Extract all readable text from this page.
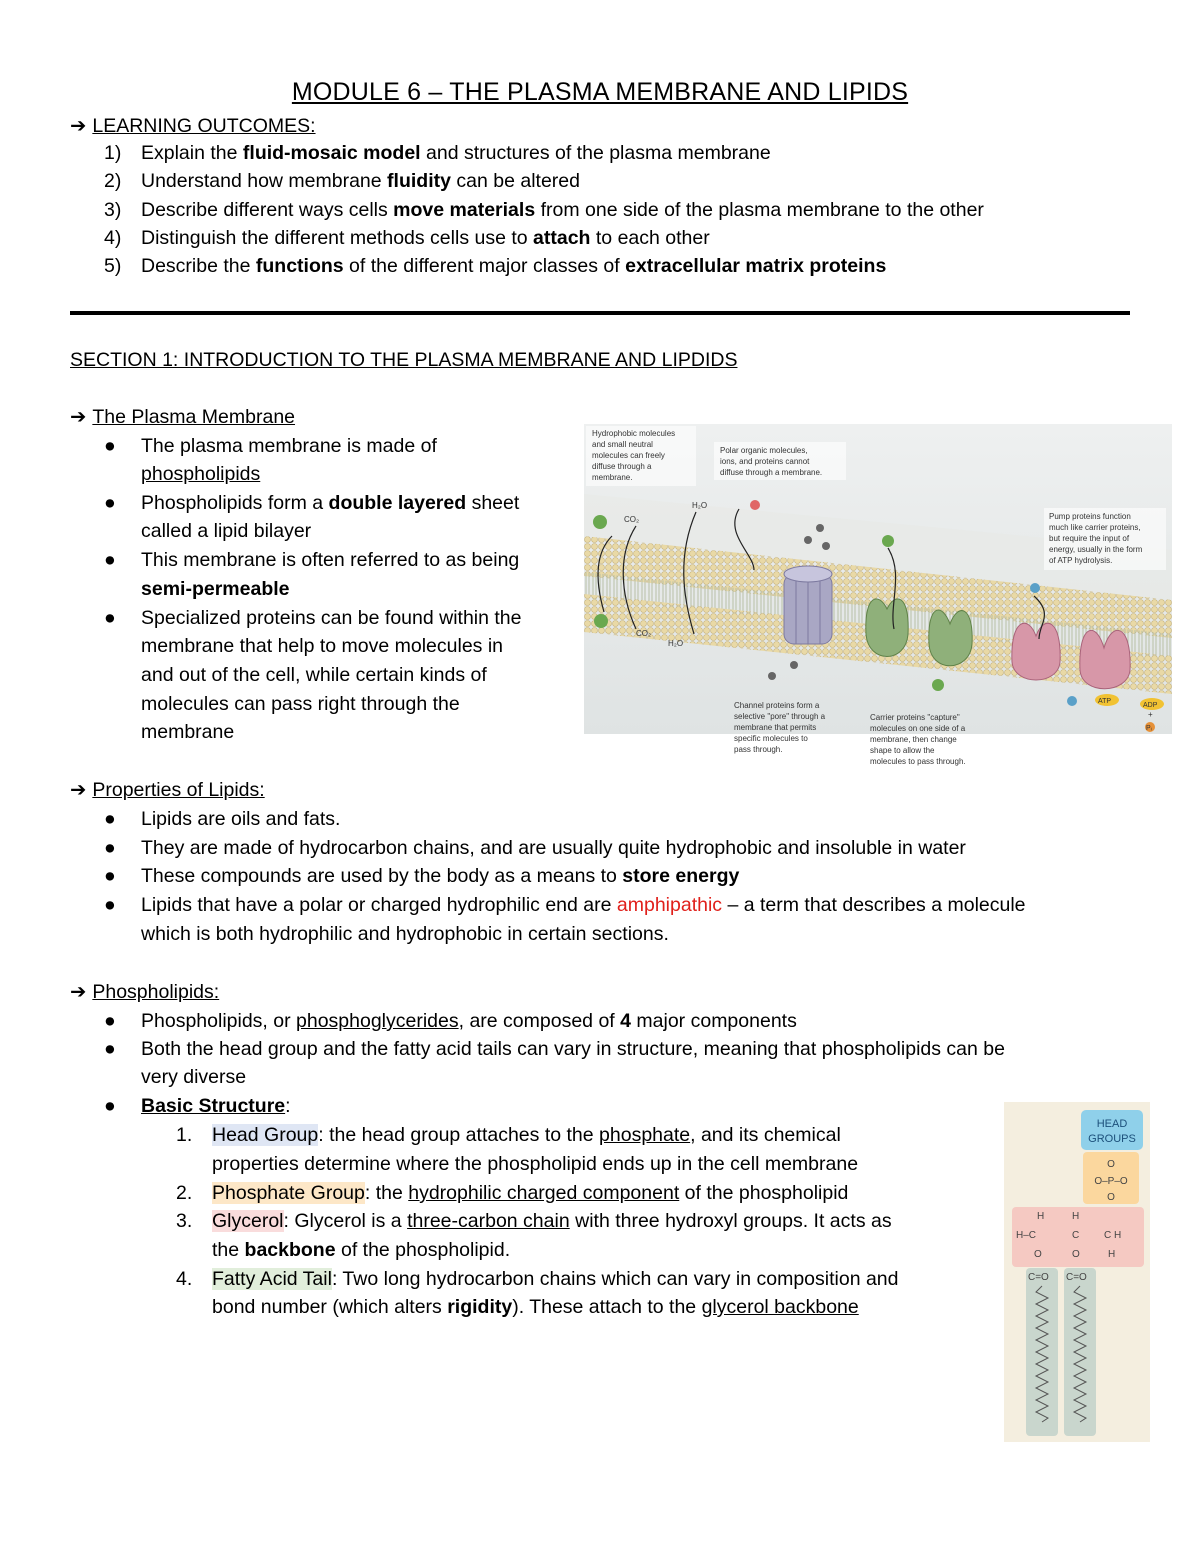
MODULE 6 – THE PLASMA MEMBRANE AND LIPIDS
➔ LEARNING OUTCOMES:
1) Explain the fluid-mosaic model and structures of the plasma membrane
2) Understand how membrane fluidity can be altered
3) Describe different ways cells move materials from one side of the plasma membrane to the other
4) Distinguish the different methods cells use to attach to each other
5) Describe the functions of the different major classes of extracellular matrix proteins
SECTION 1: INTRODUCTION TO THE PLASMA MEMBRANE AND LIPDIDS
➔ The Plasma Membrane
● The plasma membrane is made of
phospholipids
● Phospholipids form a double layered sheet
called a lipid bilayer
● This membrane is often referred to as being
semi-permeable
● Specialized proteins can be found within the
membrane that help to move molecules in
and out of the cell, while certain kinds of
molecules can pass right through the
membrane
Hydrophobic molecules
and small neutral
molecules can freely
diffuse through a
membrane.
Polar organic molecules,
ions, and proteins cannot
diffuse through a membrane.
Pump proteins function
much like carrier proteins,
but require the input of
energy, usually in the form
of ATP hydrolysis.
Channel proteins form a
selective "pore" through a
membrane that permits
specific molecules to
pass through.
Carrier proteins "capture"
molecules on one side of a
membrane, then change
shape to allow the
molecules to pass through.
CO₂
H₂O
CO₂
H₂O
ATP
ADP
+
Pᵢ
➔ Properties of Lipids:
● Lipids are oils and fats.
● They are made of hydrocarbon chains, and are usually quite hydrophobic and insoluble in water
● These compounds are used by the body as a means to store energy
● Lipids that have a polar or charged hydrophilic end are amphipathic – a term that describes a molecule
which is both hydrophilic and hydrophobic in certain sections.
➔ Phospholipids:
● Phospholipids, or phosphoglycerides, are composed of 4 major components
● Both the head group and the fatty acid tails can vary in structure, meaning that phospholipids can be
very diverse
● Basic Structure:
1. Head Group: the head group attaches to the phosphate, and its chemical
properties determine where the phospholipid ends up in the cell membrane
2. Phosphate Group: the hydrophilic charged component of the phospholipid
3. Glycerol: Glycerol is a three-carbon chain with three hydroxyl groups. It acts as
the backbone of the phospholipid.
4. Fatty Acid Tail: Two long hydrocarbon chains which can vary in composition and
bond number (which alters rigidity). These attach to the glycerol backbone
HEAD
GROUPS
O
O–P–O
O
H	H
H–C	C C H
O	O	H
C=O C=O
